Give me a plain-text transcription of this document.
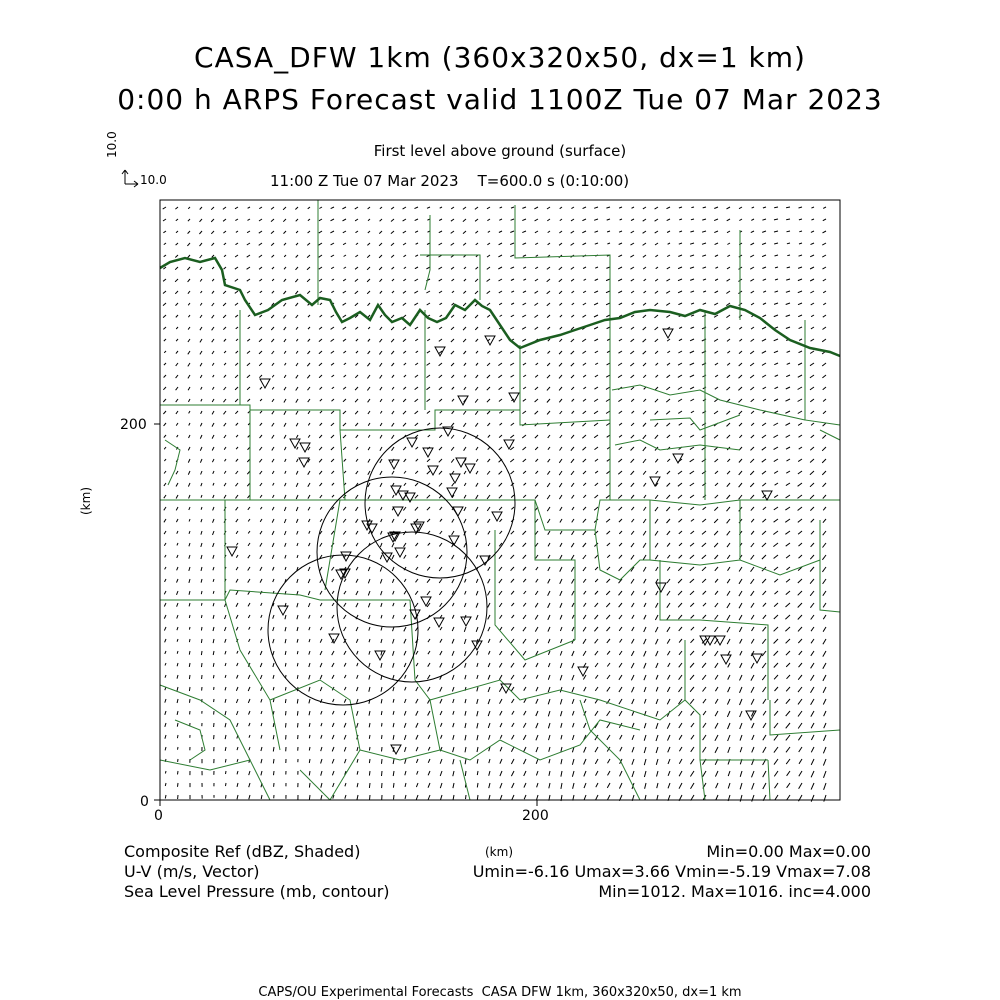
CASA_DFW 1km (360x320x50, dx=1 km)
0:00 h ARPS Forecast valid 1100Z Tue 07 Mar 2023
First level above ground (surface)
11:00 Z Tue 07 Mar 2023    T=600.0 s (0:10:00)
10.0
10.0
(km)
(km)
0	200
0
200
Composite Ref (dBZ, Shaded)
U-V (m/s, Vector)
Sea Level Pressure (mb, contour)
Min=0.00 Max=0.00
Umin=-6.16 Umax=3.66 Vmin=-5.19 Vmax=7.08
Min=1012. Max=1016. inc=4.000
CAPS/OU Experimental Forecasts  CASA DFW 1km, 360x320x50, dx=1 km
